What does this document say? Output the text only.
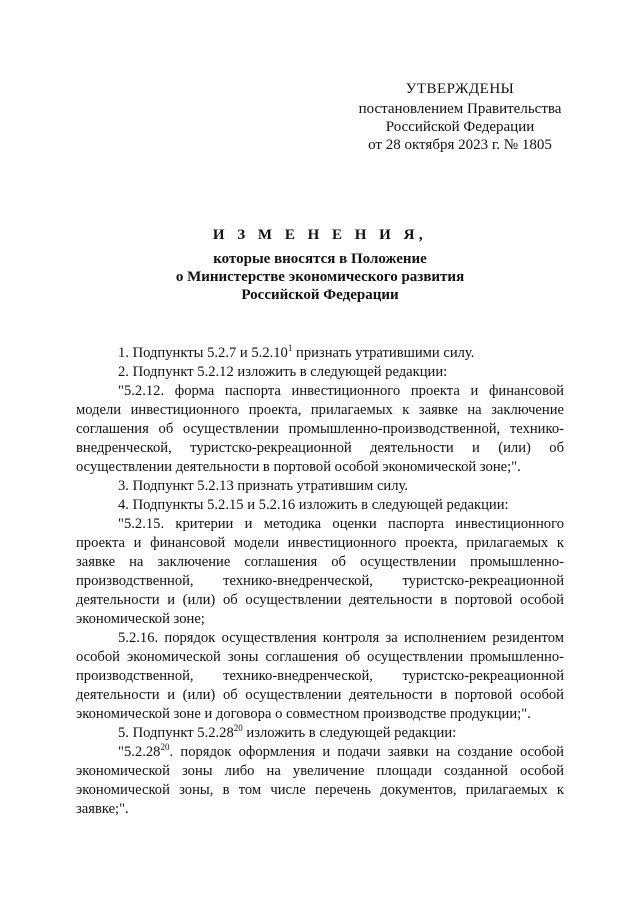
УТВЕРЖДЕНЫ
постановлением Правительства
Российской Федерации
от 28 октября 2023 г. № 1805
И З М Е Н Е Н И Я,
которые вносятся в Положение
о Министерстве экономического развития
Российской Федерации

1. Подпункты 5.2.7 и 5.2.10$^1$ признать утратившими силу.

2. Подпункт 5.2.12 изложить в следующей редакции:

"5.2.12. форма паспорта инвестиционного проекта и финансовой модели инвестиционного проекта, прилагаемых к заявке на заключение соглашения об осуществлении промышленно-производственной, технико-внедренческой, туристско-рекреационной деятельности и (или) об осуществлении деятельности в портовой особой экономической зоне;".

3. Подпункт 5.2.13 признать утратившим силу.

4. Подпункты 5.2.15 и 5.2.16 изложить в следующей редакции:

"5.2.15. критерии и методика оценки паспорта инвестиционного проекта и финансовой модели инвестиционного проекта, прилагаемых к заявке на заключение соглашения об осуществлении промышленно-производственной, технико-внедренческой, туристско-рекреационной деятельности и (или) об осуществлении деятельности в портовой особой экономической зоне;

5.2.16. порядок осуществления контроля за исполнением резидентом особой экономической зоны соглашения об осуществлении промышленно-производственной, технико-внедренческой, туристско-рекреационной деятельности и (или) об осуществлении деятельности в портовой особой экономической зоне и договора о совместном производстве продукции;".

5. Подпункт 5.2.28$^{20}$ изложить в следующей редакции:

"5.2.28$^{20}$. порядок оформления и подачи заявки на создание особой экономической зоны либо на увеличение площади созданной особой экономической зоны, в том числе перечень документов, прилагаемых к заявке;".
